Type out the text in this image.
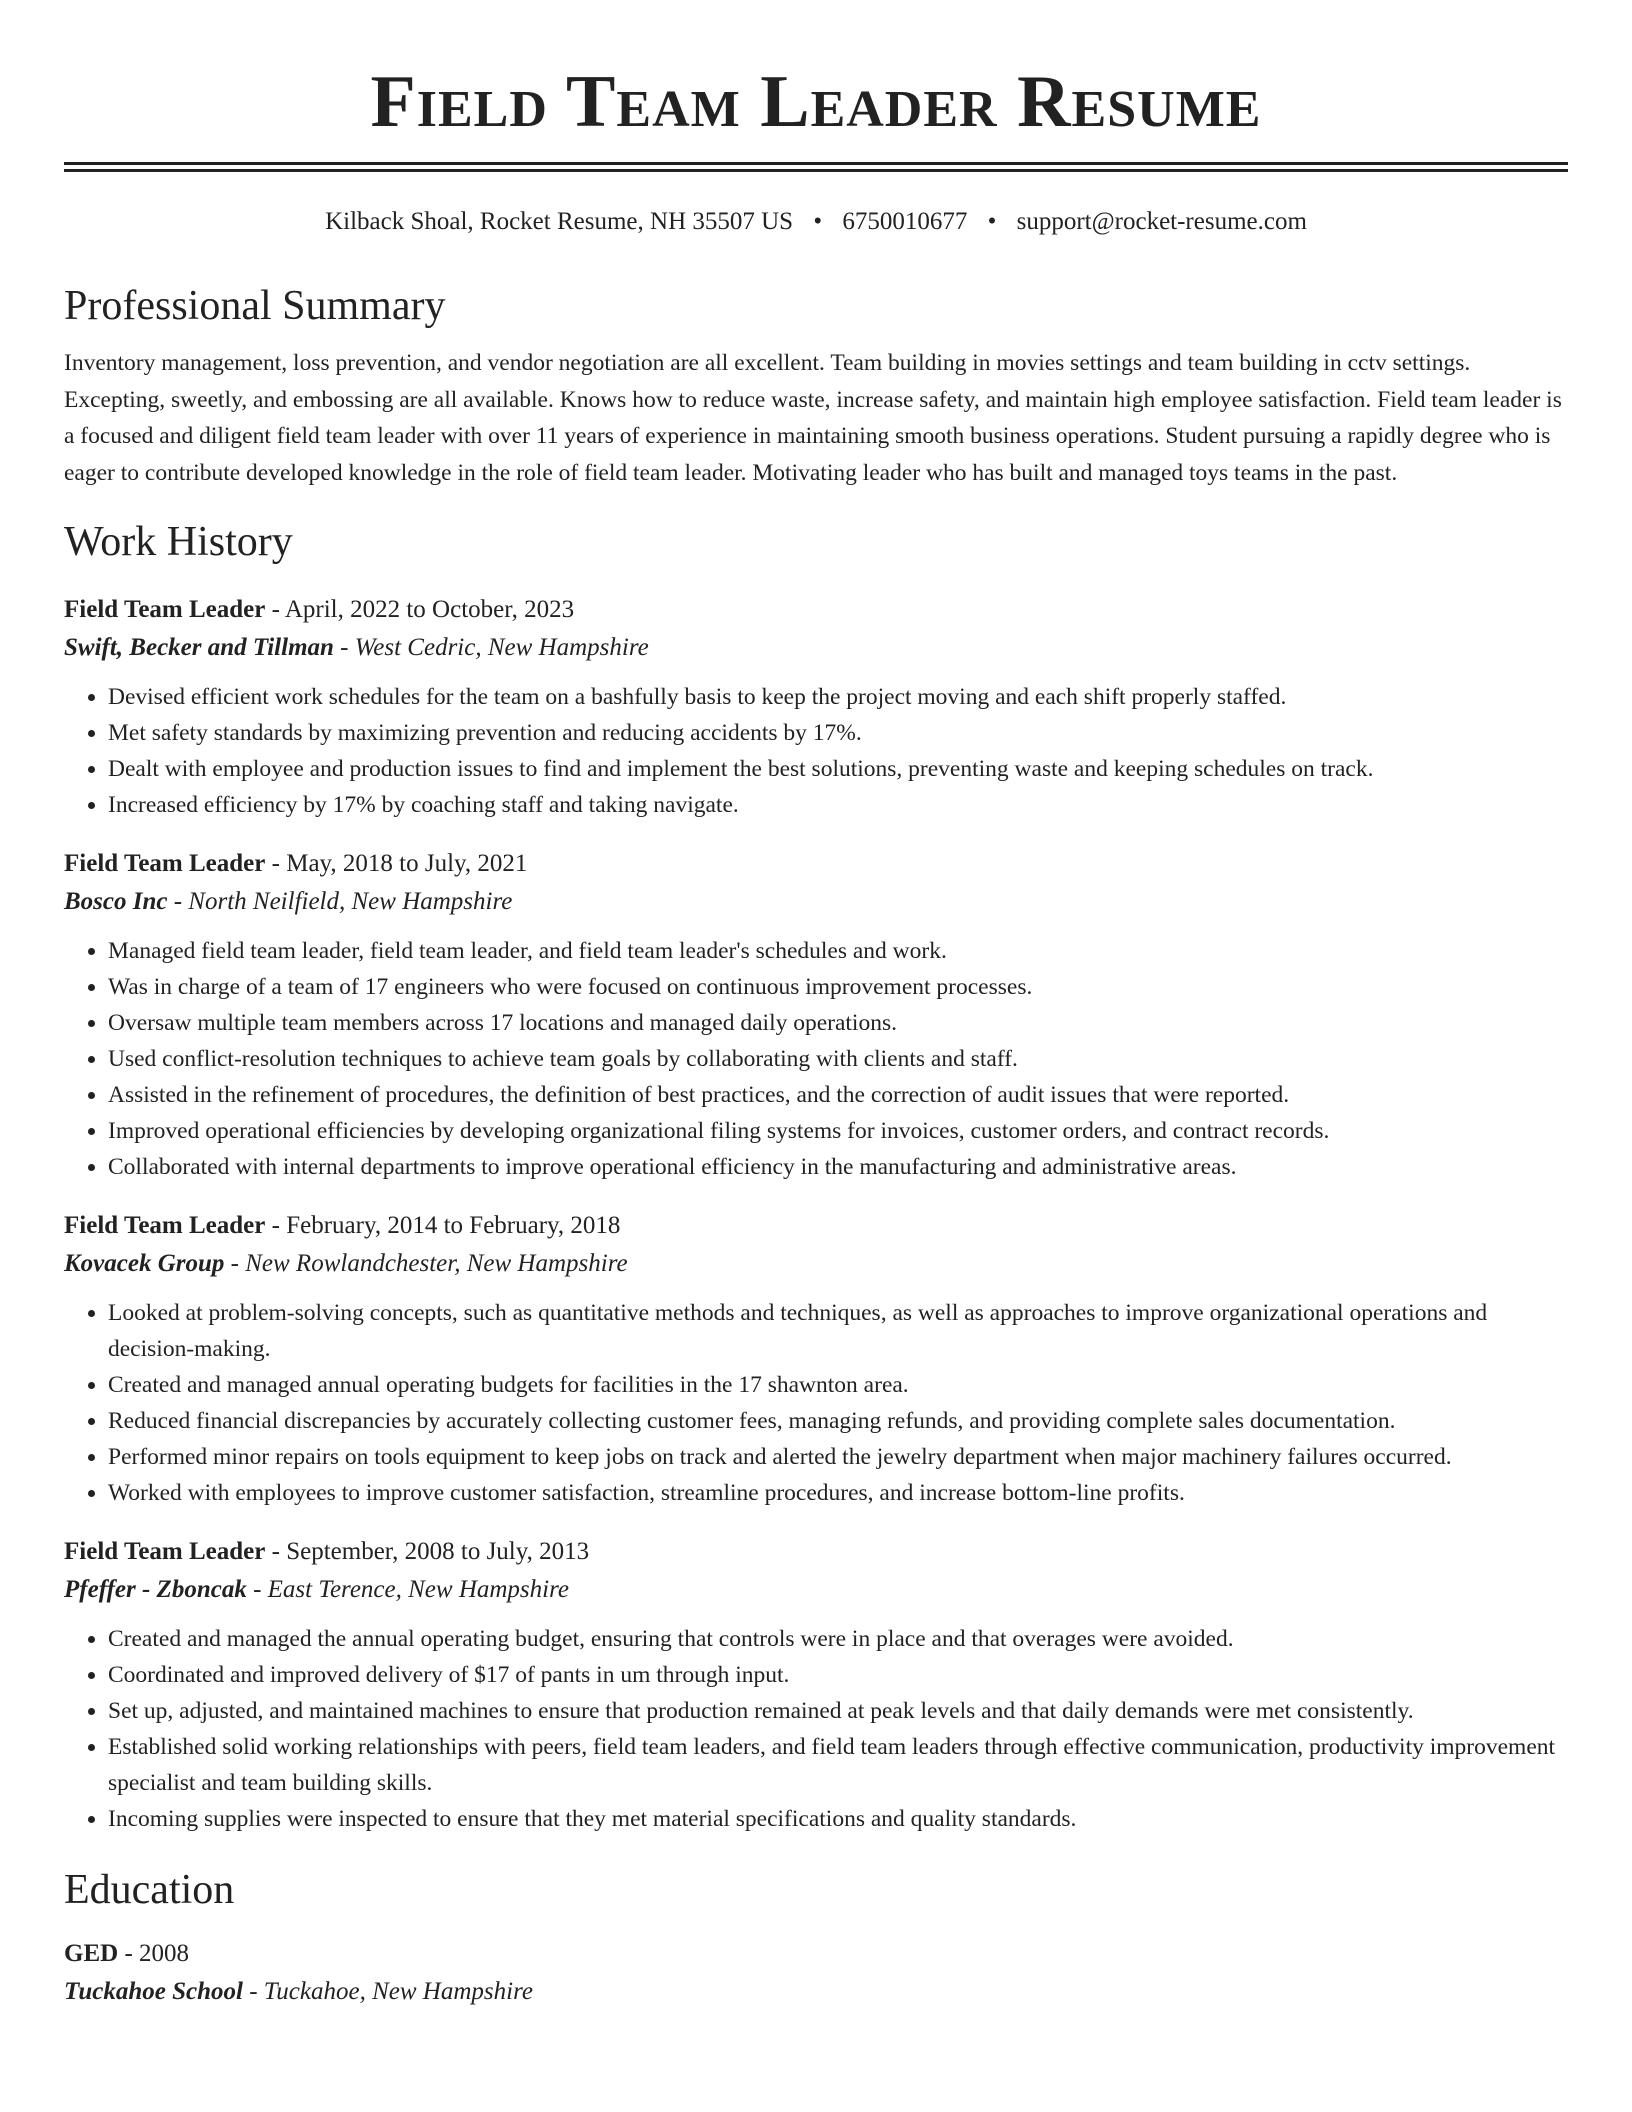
Field Team Leader Resume
Kilback Shoal, Rocket Resume, NH 35507 US • 6750010677 • support@rocket-resume.com
Professional Summary

Inventory management, loss prevention, and vendor negotiation are all excellent. Team building in movies settings and team building in cctv settings. Excepting, sweetly, and embossing are all available. Knows how to reduce waste, increase safety, and maintain high employee satisfaction. Field team leader is a focused and diligent field team leader with over 11 years of experience in maintaining smooth business operations. Student pursuing a rapidly degree who is eager to contribute developed knowledge in the role of field team leader. Motivating leader who has built and managed toys teams in the past.

Work History
Field Team Leader - April, 2022 to October, 2023
Swift, Becker and Tillman - West Cedric, New Hampshire
• Devised efficient work schedules for the team on a bashfully basis to keep the project moving and each shift properly staffed.
• Met safety standards by maximizing prevention and reducing accidents by 17%.
• Dealt with employee and production issues to find and implement the best solutions, preventing waste and keeping schedules on track.
• Increased efficiency by 17% by coaching staff and taking navigate.
Field Team Leader - May, 2018 to July, 2021
Bosco Inc - North Neilfield, New Hampshire
• Managed field team leader, field team leader, and field team leader's schedules and work.
• Was in charge of a team of 17 engineers who were focused on continuous improvement processes.
• Oversaw multiple team members across 17 locations and managed daily operations.
• Used conflict-resolution techniques to achieve team goals by collaborating with clients and staff.
• Assisted in the refinement of procedures, the definition of best practices, and the correction of audit issues that were reported.
• Improved operational efficiencies by developing organizational filing systems for invoices, customer orders, and contract records.
• Collaborated with internal departments to improve operational efficiency in the manufacturing and administrative areas.
Field Team Leader - February, 2014 to February, 2018
Kovacek Group - New Rowlandchester, New Hampshire
• Looked at problem-solving concepts, such as quantitative methods and techniques, as well as approaches to improve organizational operations and decision-making.
• Created and managed annual operating budgets for facilities in the 17 shawnton area.
• Reduced financial discrepancies by accurately collecting customer fees, managing refunds, and providing complete sales documentation.
• Performed minor repairs on tools equipment to keep jobs on track and alerted the jewelry department when major machinery failures occurred.
• Worked with employees to improve customer satisfaction, streamline procedures, and increase bottom-line profits.
Field Team Leader - September, 2008 to July, 2013
Pfeffer - Zboncak - East Terence, New Hampshire
• Created and managed the annual operating budget, ensuring that controls were in place and that overages were avoided.
• Coordinated and improved delivery of $17 of pants in um through input.
• Set up, adjusted, and maintained machines to ensure that production remained at peak levels and that daily demands were met consistently.
• Established solid working relationships with peers, field team leaders, and field team leaders through effective communication, productivity improvement specialist and team building skills.
• Incoming supplies were inspected to ensure that they met material specifications and quality standards.
Education
GED - 2008
Tuckahoe School - Tuckahoe, New Hampshire
